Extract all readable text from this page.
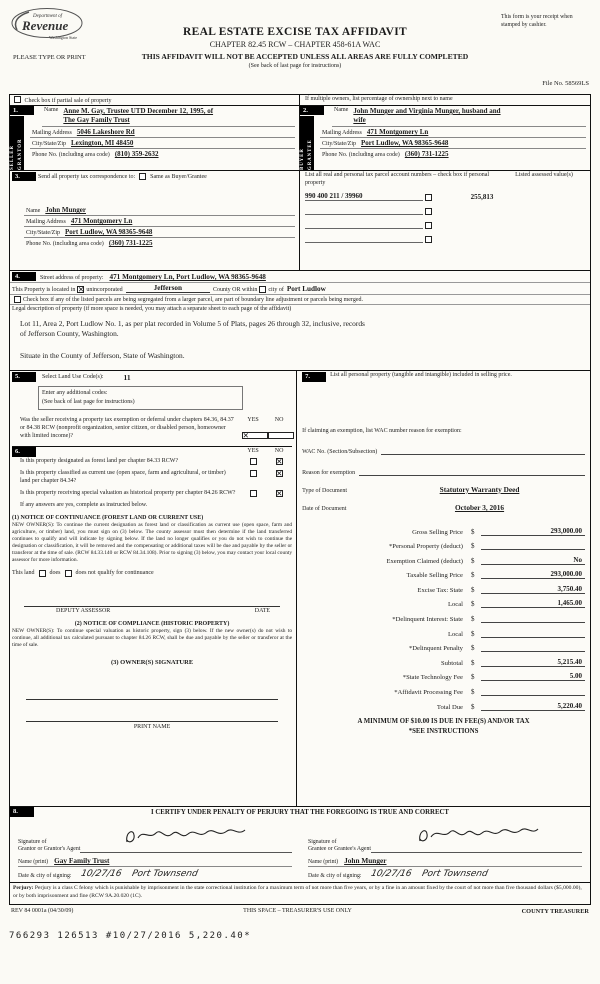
Department of
Revenue
Washington State
PLEASE TYPE OR PRINT
REAL ESTATE EXCISE TAX AFFIDAVIT
CHAPTER 82.45 RCW – CHAPTER 458-61A WAC
THIS AFFIDAVIT WILL NOT BE ACCEPTED UNLESS ALL AREAS ARE FULLY COMPLETED
(See back of last page for instructions)
This form is your receipt when stamped by cashier.
File No. 58569LS
Check box if partial sale of property	If multiple owners, list percentage of ownership next to name
1.
SELLER GRANTOR
Name Anne M. Gay, Trustee UTD December 12, 1995, of
The Gay Family Trust
Mailing Address 5046 Lakeshore Rd
City/State/Zip Lexington, MI 48450
Phone No. (including area code) (810) 359-2632
2.
BUYER GRANTEE
Name John Munger and Virginia Munger, husband and
wife
Mailing Address 471 Montgomery Ln
City/State/Zip Port Ludlow, WA 98365-9648
Phone No. (including area code) (360) 731-1225
3.	Send all property tax correspondence to:	Same as Buyer/Grantee
Name John Munger
Mailing Address 471 Montgomery Ln
City/State/Zip Port Ludlow, WA 98365-9648
Phone No. (including area code) (360) 731-1225
List all real and personal tax parcel account numbers – check box if personal property
Listed assessed value(s)
990 400 211 / 39960	255,813
4.	Street address of property: 471 Montgomery Ln, Port Ludlow, WA 98365-9648
This Property is located in ✕ unincorporated	Jefferson	County OR within city of Port Ludlow
Check box if any of the listed parcels are being segregated from a larger parcel, are part of boundary line adjustment or parcels being merged.
Legal description of property (if more space is needed, you may attach a separate sheet to each page of the affidavit)
Lot 11, Area 2, Port Ludlow No. 1, as per plat recorded in Volume 5 of Plats, pages 26 through 32, inclusive, records
of Jefferson County, Washington.
Situate in the County of Jefferson, State of Washington.
5.	Select Land Use Code(s):	11
Enter any additional codes:
(See back of last page for instructions)
Was the seller receiving a property tax exemption or deferral under chapters 84.36, 84.37 or 84.38 RCW (nonprofit organization, senior citizen, or disabled person, homeowner with limited income)?
YES	NO
✕
6.	YES	NO
Is this property designated as forest land per chapter 84.33 RCW?
✕
Is this property classified as current use (open space, farm and agricultural, or timber) land per chapter 84.34?
✕
Is this property receiving special valuation as historical property per chapter 84.26 RCW?
✕
If any answers are yes, complete as instructed below.
(1) NOTICE OF CONTINUANCE (FOREST LAND OR CURRENT USE)
NEW OWNER(S): To continue the current designation as forest land or classification as current use (open space, farm and agriculture, or timber) land, you must sign on (3) below. The county assessor must then determine if the land transferred continues to qualify and will indicate by signing below. If the land no longer qualifies or you do not wish to continue the designation or classification, it will be removed and the compensating or additional taxes will be due and payable by the seller or transferor at the time of sale. (RCW 84.33.140 or RCW 84.34.108). Prior to signing (3) below, you may contact your local county assessor for more information.
This land	does	does not qualify for continuance
DEPUTY ASSESSOR	DATE
(2) NOTICE OF COMPLIANCE (HISTORIC PROPERTY)
NEW OWNER(S): To continue special valuation as historic property, sign (3) below. If the new owner(s) do not wish to continue, all additional tax calculated pursuant to chapter 84.26 RCW, shall be due and payable by the seller or transferor at the time of sale.
(3) OWNER(S) SIGNATURE
PRINT NAME
7.	List all personal property (tangible and intangible) included in selling price.
If claiming an exemption, list WAC number reason for exemption:
WAC No. (Section/Subsection)
Reason for exemption
Type of Document	Statutory Warranty Deed
Date of Document	October 3, 2016
Gross Selling Price	$	293,000.00
*Personal Property (deduct)	$
Exemption Claimed (deduct)	$	No
Taxable Selling Price	$	293,000.00
Excise Tax: State	$	3,750.40
Local	$	1,465.00
*Delinquent Interest: State	$
Local	$
*Delinquent Penalty	$
Subtotal	$	5,215.40
*State Technology Fee	$	5.00
*Affidavit Processing Fee	$
Total Due	$	5,220.40
A MINIMUM OF $10.00 IS DUE IN FEE(S) AND/OR TAX
*SEE INSTRUCTIONS
8.	I CERTIFY UNDER PENALTY OF PERJURY THAT THE FOREGOING IS TRUE AND CORRECT
Signature of
Grantor or Grantor's Agent
Name (print) Gay Family Trust
Date & city of signing: 10/27/16 Port Townsend
Signature of
Grantee or Grantee's Agent
Name (print) John Munger
Date & city of signing: 10/27/16 Port Townsend
Perjury: Perjury is a class C felony which is punishable by imprisonment in the state correctional institution for a maximum term of not more than five years, or by a fine in an amount fixed by the court of not more than five thousand dollars ($5,000.00), or by both imprisonment and fine (RCW 9A.20.020 (1C).
REV 84 0001a (04/30/09)	THIS SPACE – TREASURER'S USE ONLY	COUNTY TREASURER
766293 126513 #10/27/2016 5,220.40*
